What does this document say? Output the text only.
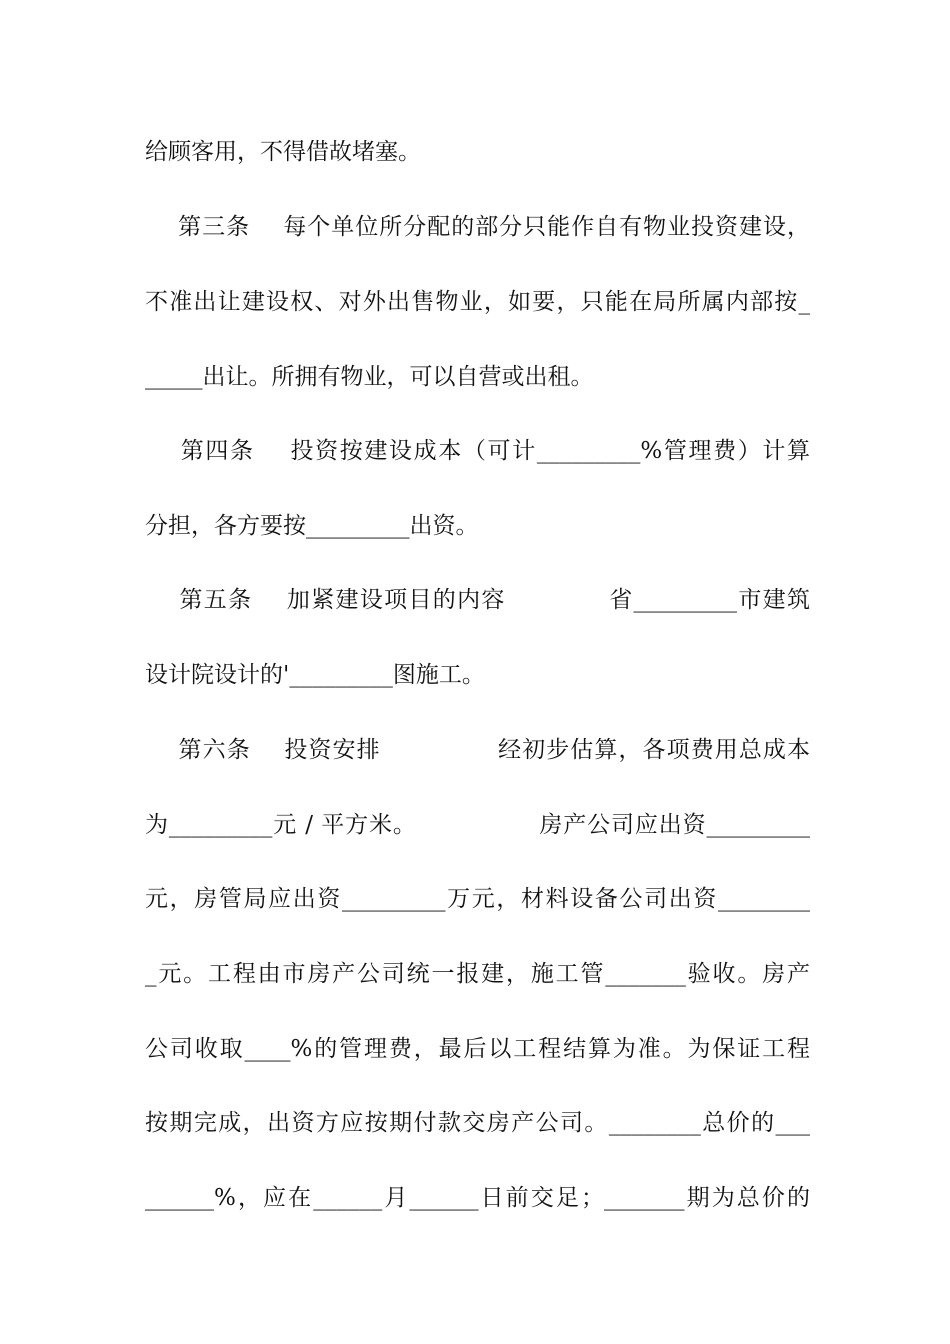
给顾客用，不得借故堵塞。
第三条    每个单位所分配的部分只能作自有物业投资建设，
不准出让建设权、对外出售物业，如要，只能在局所属内部按_
_____出让。所拥有物业，可以自营或出租。
第四条    投资按建设成本（可计_________%管理费）计算
分担，各方要按_________出资。
第五条    加紧建设项目的内容            省_________市建筑
设计院设计的'_________图施工。
第六条    投资安排              经初步估算，各项费用总成本
为_________元 / 平方米。               房产公司应出资_________
元，房管局应出资_________万元，材料设备公司出资________
_元。工程由市房产公司统一报建，施工管_______验收。房产
公司收取____%的管理费，最后以工程结算为准。为保证工程
按期完成，出资方应按期付款交房产公司。________总价的___
______%，应在______月______日前交足；_______期为总价的
